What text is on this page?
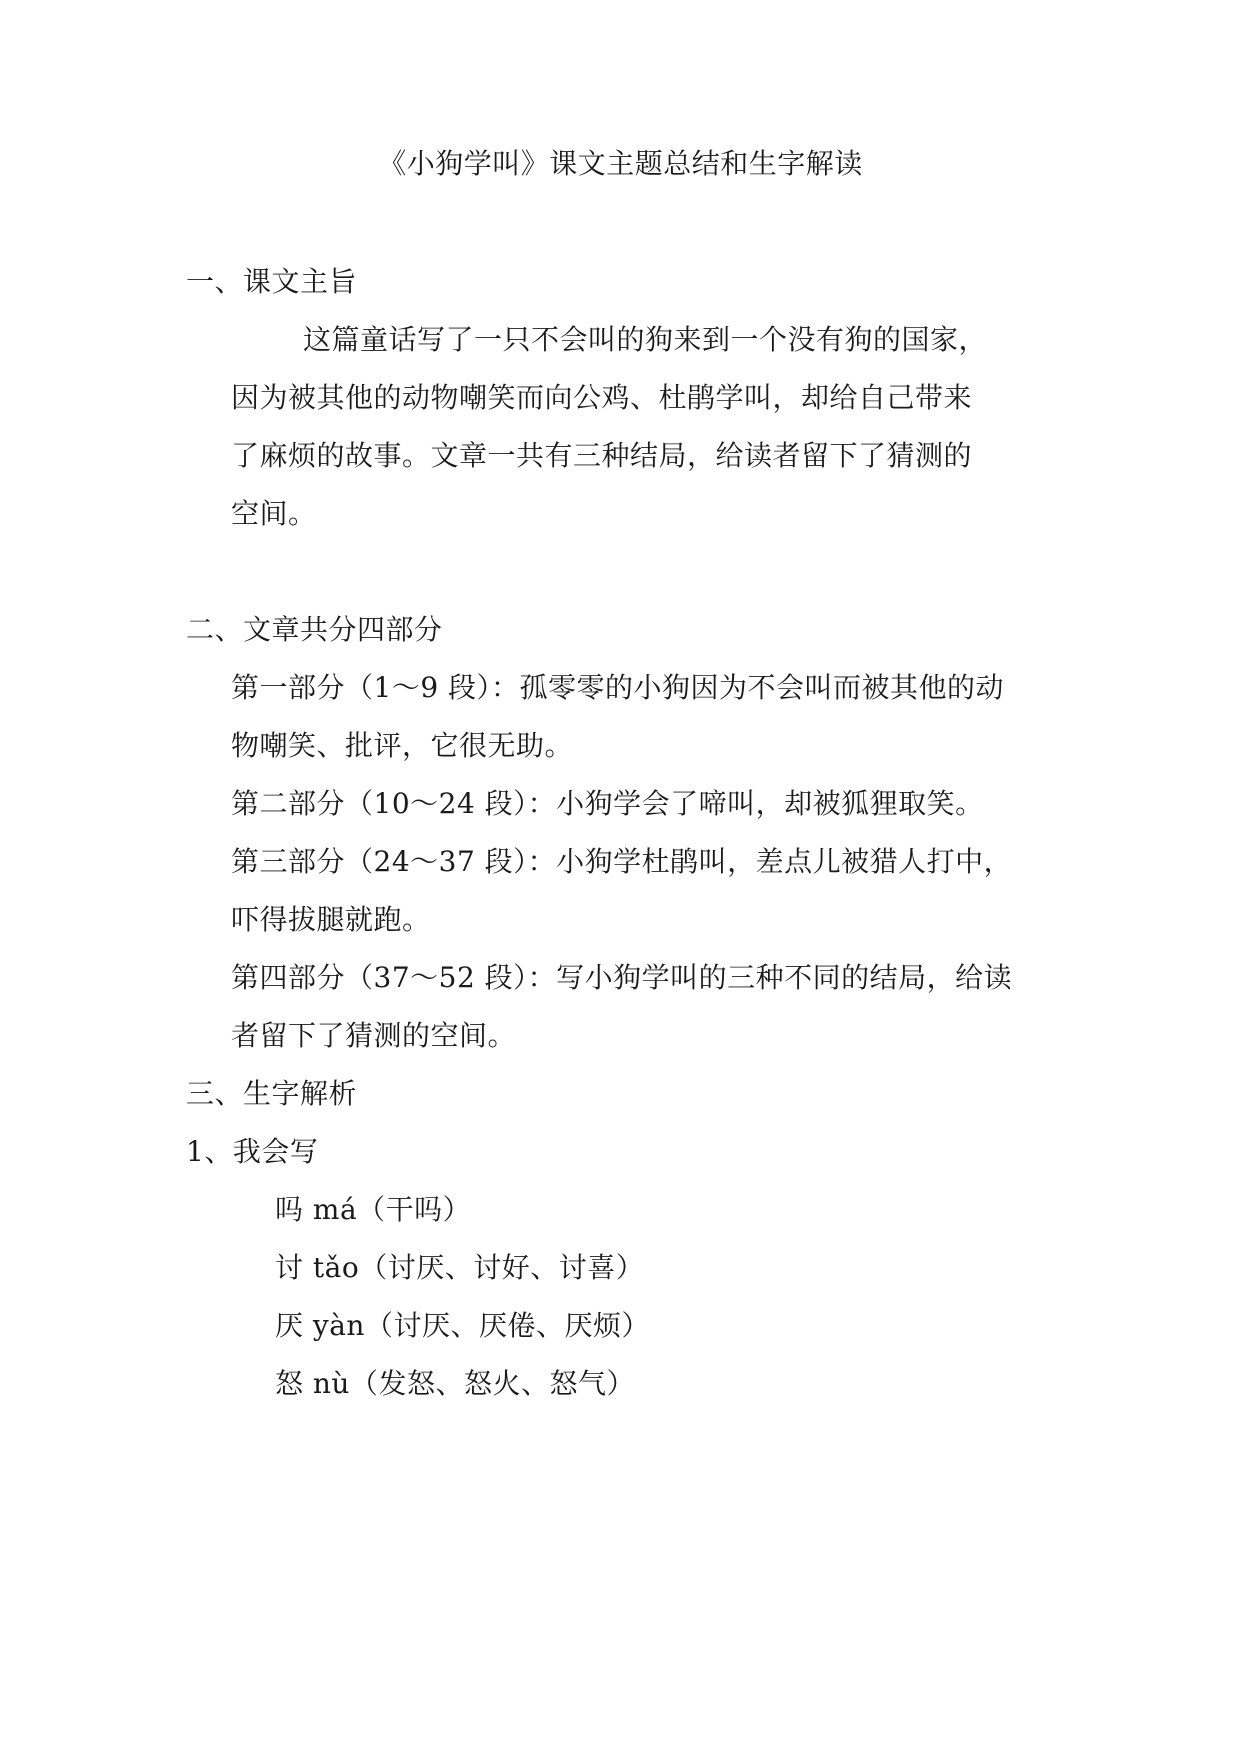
《小狗学叫》课文主题总结和生字解读
一、课文主旨
这篇童话写了一只不会叫的狗来到一个没有狗的国家，
因为被其他的动物嘲笑而向公鸡、杜鹃学叫，却给自己带来
了麻烦的故事。文章一共有三种结局，给读者留下了猜测的
空间。
二、文章共分四部分
第一部分（1～9 段）：孤零零的小狗因为不会叫而被其他的动
物嘲笑、批评，它很无助。
第二部分（10～24 段）：小狗学会了啼叫，却被狐狸取笑。
第三部分（24～37 段）：小狗学杜鹃叫，差点儿被猎人打中，
吓得拔腿就跑。
第四部分（37～52 段）：写小狗学叫的三种不同的结局，给读
者留下了猜测的空间。
三、生字解析
1、我会写
吗 má（干吗）
讨 tǎo（讨厌、讨好、讨喜）
厌 yàn（讨厌、厌倦、厌烦）
怒 nù（发怒、怒火、怒气）
